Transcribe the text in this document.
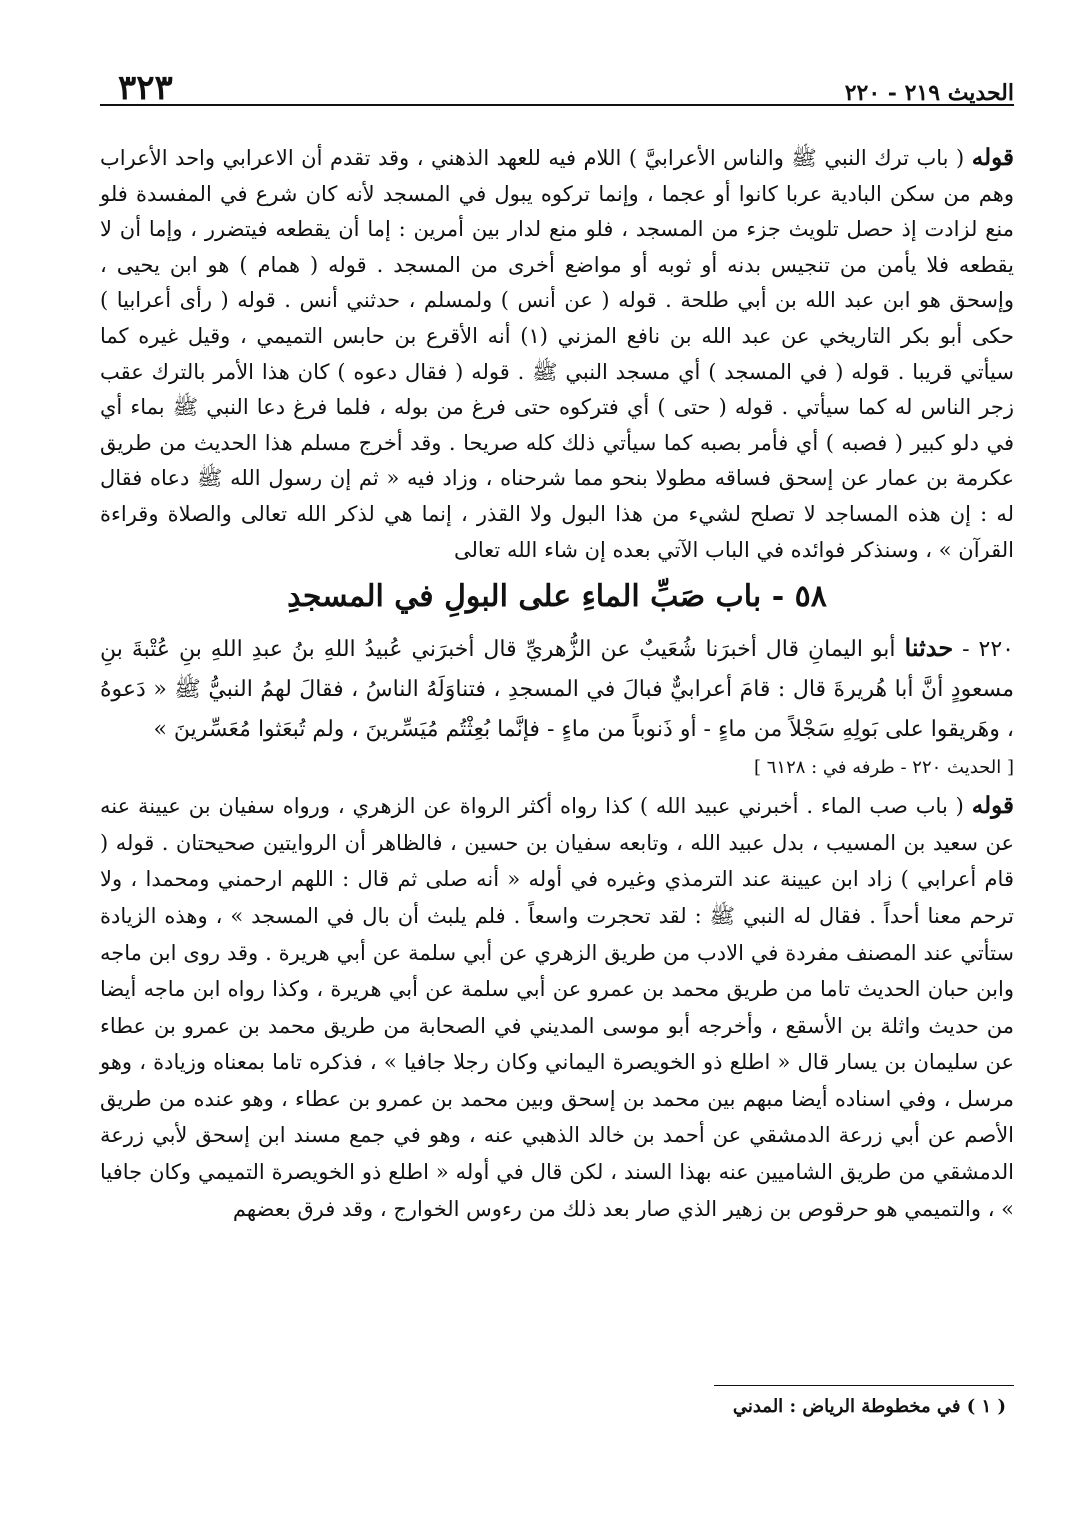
الحديث ٢١٩ - ٢٢٠
٣٢٣

قوله ( باب ترك النبي ﷺ والناس الأعرابيَّ ) اللام فيه للعهد الذهني ، وقد تقدم أن الاعرابي واحد الأعراب وهم من سكن البادية عربا كانوا أو عجما ، وإنما تركوه يبول في المسجد لأنه كان شرع في المفسدة فلو منع لزادت إذ حصل تلويث جزء من المسجد ، فلو منع لدار بين أمرين : إما أن يقطعه فيتضرر ، وإما أن لا يقطعه فلا يأمن من تنجيس بدنه أو ثوبه أو مواضع أخرى من المسجد . قوله ( همام ) هو ابن يحيى ، وإسحق هو ابن عبد الله بن أبي طلحة . قوله ( عن أنس ) ولمسلم ، حدثني أنس . قوله ( رأى أعرابيا ) حكى أبو بكر التاريخي عن عبد الله بن نافع المزني (١) أنه الأقرع بن حابس التميمي ، وقيل غيره كما سيأتي قريبا . قوله ( في المسجد ) أي مسجد النبي ﷺ . قوله ( فقال دعوه ) كان هذا الأمر بالترك عقب زجر الناس له كما سيأتي . قوله ( حتى ) أي فتركوه حتى فرغ من بوله ، فلما فرغ دعا النبي ﷺ بماء أي في دلو كبير ( فصبه ) أي فأمر بصبه كما سيأتي ذلك كله صريحا . وقد أخرج مسلم هذا الحديث من طريق عكرمة بن عمار عن إسحق فساقه مطولا بنحو مما شرحناه ، وزاد فيه « ثم إن رسول الله ﷺ دعاه فقال له : إن هذه المساجد لا تصلح لشيء من هذا البول ولا القذر ، إنما هي لذكر الله تعالى والصلاة وقراءة القرآن » ، وسنذكر فوائده في الباب الآتي بعده إن شاء الله تعالى

٥٨ - باب صَبِّ الماءِ على البولِ في المسجدِ

٢٢٠ - حدثنا أبو اليمانِ قال أخبرَنا شُعَيبٌ عن الزُّهريِّ قال أخبرَني عُبيدُ اللهِ بنُ عبدِ اللهِ بنِ عُتْبةَ بنِ مسعودٍ أنَّ أبا هُريرةَ قال : قامَ أعرابيٌّ فبالَ في المسجدِ ، فتناوَلَهُ الناسُ ، فقالَ لهمُ النبيُّ ﷺ « دَعوهُ ، وهَريقوا على بَولِهِ سَجْلاً من ماءٍ - أو ذَنوباً من ماءٍ - فإنَّما بُعِثْتُم مُيَسِّرينَ ، ولم تُبعَثوا مُعَسِّرينَ »

[ الحديث ٢٢٠ - طرفه في : ٦١٢٨ ]

قوله ( باب صب الماء . أخبرني عبيد الله ) كذا رواه أكثر الرواة عن الزهري ، ورواه سفيان بن عيينة عنه عن سعيد بن المسيب ، بدل عبيد الله ، وتابعه سفيان بن حسين ، فالظاهر أن الروايتين صحيحتان . قوله ( قام أعرابي ) زاد ابن عيينة عند الترمذي وغيره في أوله « أنه صلى ثم قال : اللهم ارحمني ومحمدا ، ولا ترحم معنا أحداً . فقال له النبي ﷺ : لقد تحجرت واسعاً . فلم يلبث أن بال في المسجد » ، وهذه الزيادة ستأتي عند المصنف مفردة في الادب من طريق الزهري عن أبي سلمة عن أبي هريرة . وقد روى ابن ماجه وابن حبان الحديث تاما من طريق محمد بن عمرو عن أبي سلمة عن أبي هريرة ، وكذا رواه ابن ماجه أيضا من حديث واثلة بن الأسقع ، وأخرجه أبو موسى المديني في الصحابة من طريق محمد بن عمرو بن عطاء عن سليمان بن يسار قال « اطلع ذو الخويصرة اليماني وكان رجلا جافيا » ، فذكره تاما بمعناه وزيادة ، وهو مرسل ، وفي اسناده أيضا مبهم بين محمد بن إسحق وبين محمد بن عمرو بن عطاء ، وهو عنده من طريق الأصم عن أبي زرعة الدمشقي عن أحمد بن خالد الذهبي عنه ، وهو في جمع مسند ابن إسحق لأبي زرعة الدمشقي من طريق الشاميين عنه بهذا السند ، لكن قال في أوله « اطلع ذو الخويصرة التميمي وكان جافيا » ، والتميمي هو حرقوص بن زهير الذي صار بعد ذلك من رءوس الخوارج ، وقد فرق بعضهم

( ١ ) في مخطوطة الرياض : المدني
